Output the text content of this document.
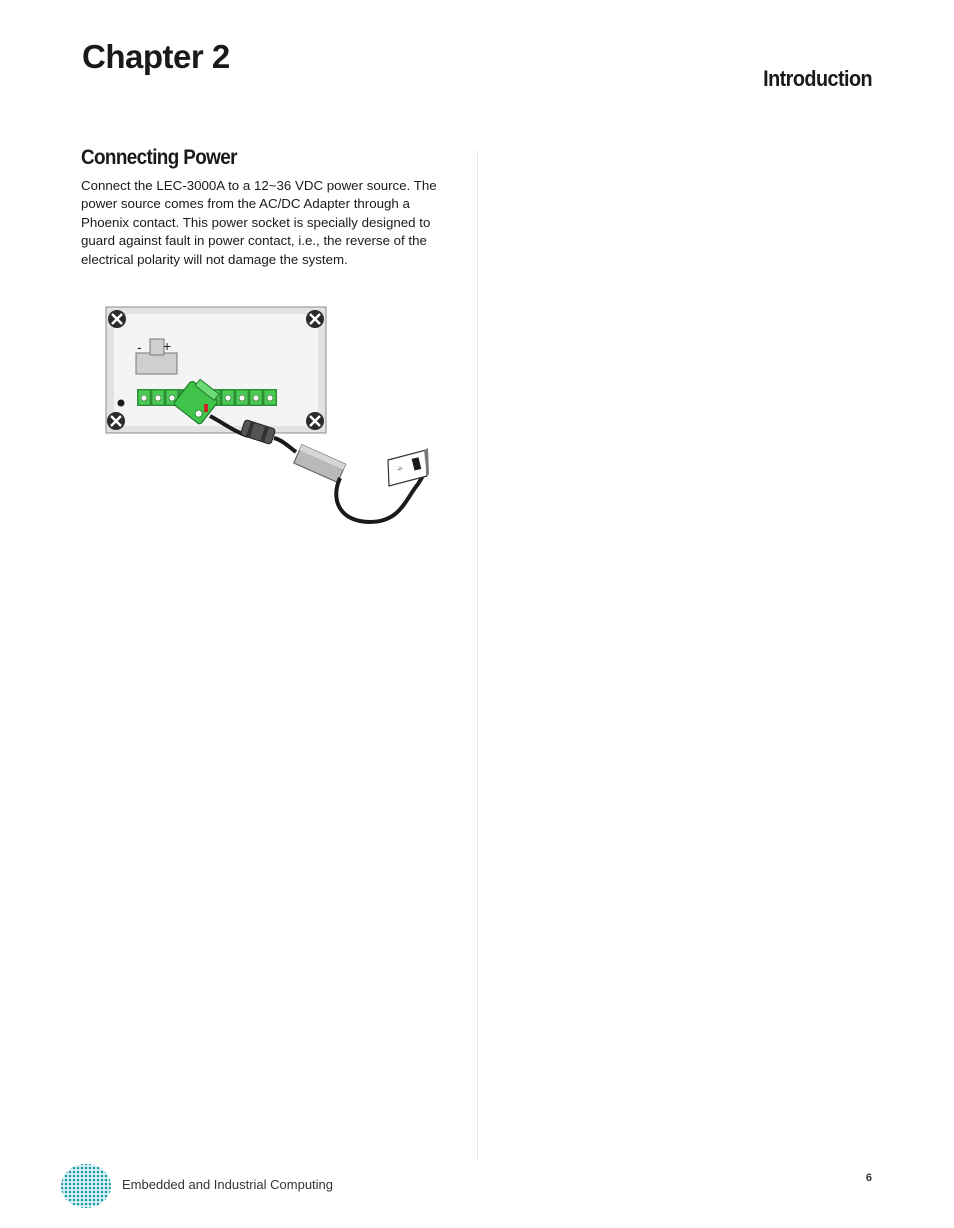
Chapter 2
Introduction
Connecting Power

Connect the LEC-3000A to a 12~36 VDC power source. The power source comes from the AC/DC Adapter through a Phoenix contact. This power socket is specially designed to guard against fault in power contact, i.e., the reverse of the electrical polarity will not damage the system.

- +
Embedded and Industrial Computing	6
